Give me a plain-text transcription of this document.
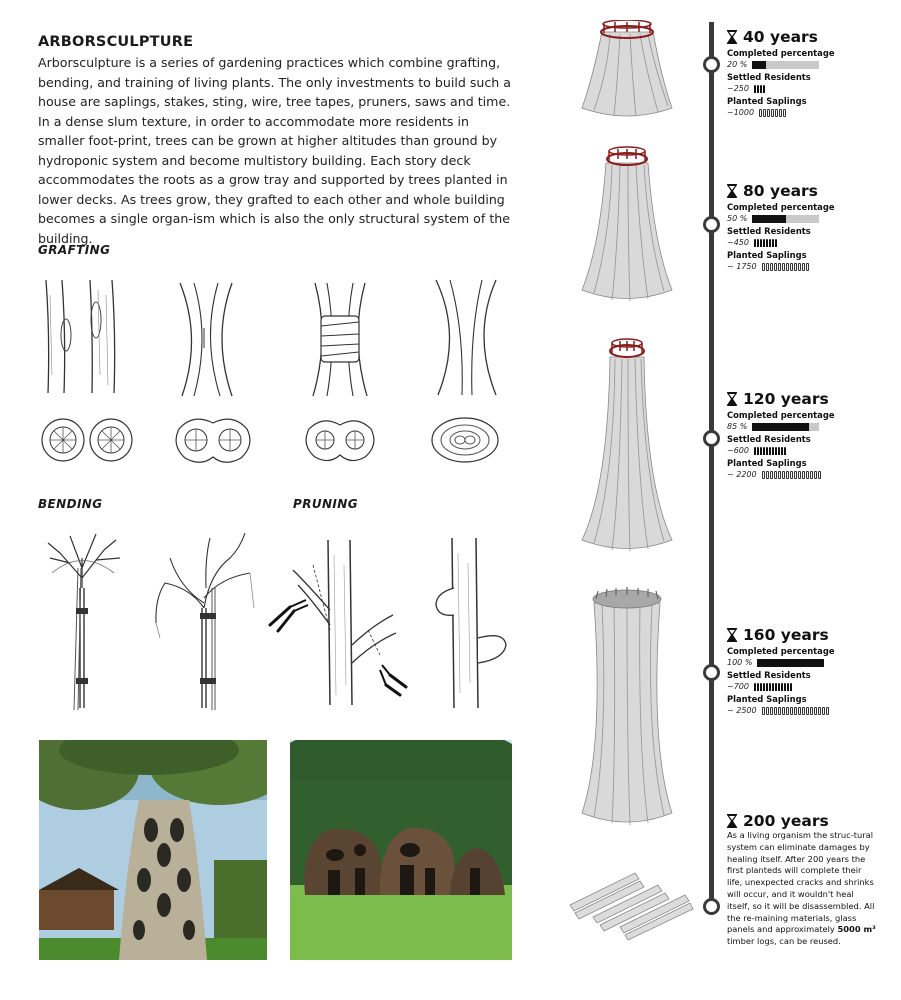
ARBORSCULPTURE
Arborsculpture is a series of gardening practices which combine grafting, bending, and training of living plants. The only investments to build such a house are saplings, stakes, sting, wire, tree tapes, pruners, saws and time. In a dense slum texture, in order to accommodate more residents in smaller foot-print, trees can be grown at higher altitudes than ground by hydroponic system and become multistory building. Each story deck accommodates the roots as a grow tray and supported by trees planted in lower decks. As trees grow, they grafted to each other and whole building becomes a single organ-ism which is also the only structural system of the building.
GRAFTING
BENDING	PRUNING
40 years
Completed percentage
20 %
Settled Residents
~250
Planted Saplings
~1000
80 years
Completed percentage
50 %
Settled Residents
~450
Planted Saplings
~ 1750
120 years
Completed percentage
85 %
Settled Residents
~600
Planted Saplings
~ 2200
160 years
Completed percentage
100 %
Settled Residents
~700
Planted Saplings
~ 2500
200 years
As a living organism the struc-tural system can eliminate damages by healing itself. After 200 years the first planteds will complete their life, unexpected cracks and shrinks will occur, and it wouldn't heal itself, so it will be disassembled. All the re-maining materials, glass panels and approximately 5000 m³ timber logs, can be reused.
